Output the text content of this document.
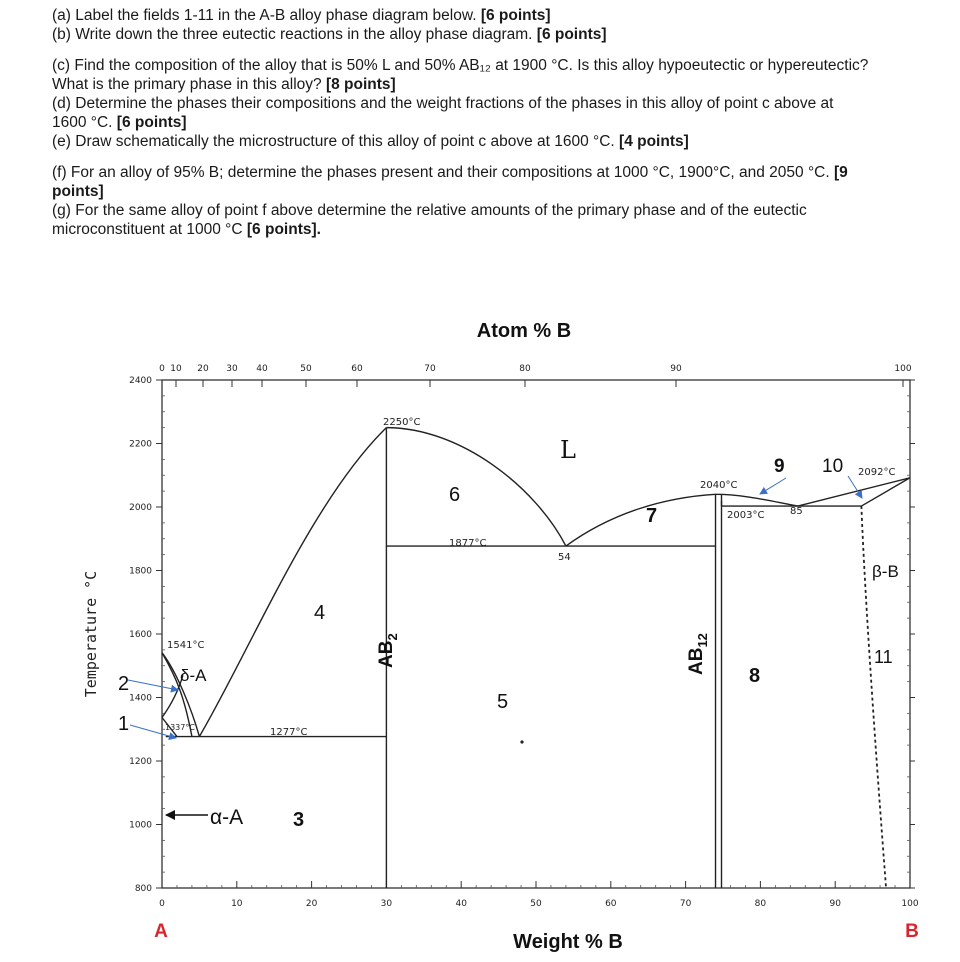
(a) Label the fields 1-11 in the A-B alloy phase diagram below. [6 points]

(b) Write down the three eutectic reactions in the alloy phase diagram. [6 points]

(c) Find the composition of the alloy that is 50% L and 50% AB₁₂ at 1900 °C. Is this alloy hypoeutectic or hypereutectic?

What is the primary phase in this alloy? [8 points]

(d) Determine the phases their compositions and the weight fractions of the phases in this alloy of point c above at

1600 °C. [6 points]

(e) Draw schematically the microstructure of this alloy of point c above at 1600 °C. [4 points]

(f) For an alloy of 95% B; determine the phases present and their compositions at 1000 °C, 1900°C, and 2050 °C. [9

points]

(g) For the same alloy of point f above determine the relative amounts of the primary phase and of the eutectic

microconstituent at 1000 °C [6 points].

0	10	20	30	40	50	60	70	80	90	100
0 10 20 30 40	50	60	70	80	90	100
800
1000
1200
1400
1600
1800
2000
2200
2400
1
2
3
4
5
6
7
8
9 10
11
Atom % B
Weight % B
Temperature °C
A	B
2250°C
1877°C
54
2040°C
2003°C	85
2092°C
1541°C
1337°C	1277°C
L
$AB_2$
$AB_{12}$
β-B
δ-A
α-A
